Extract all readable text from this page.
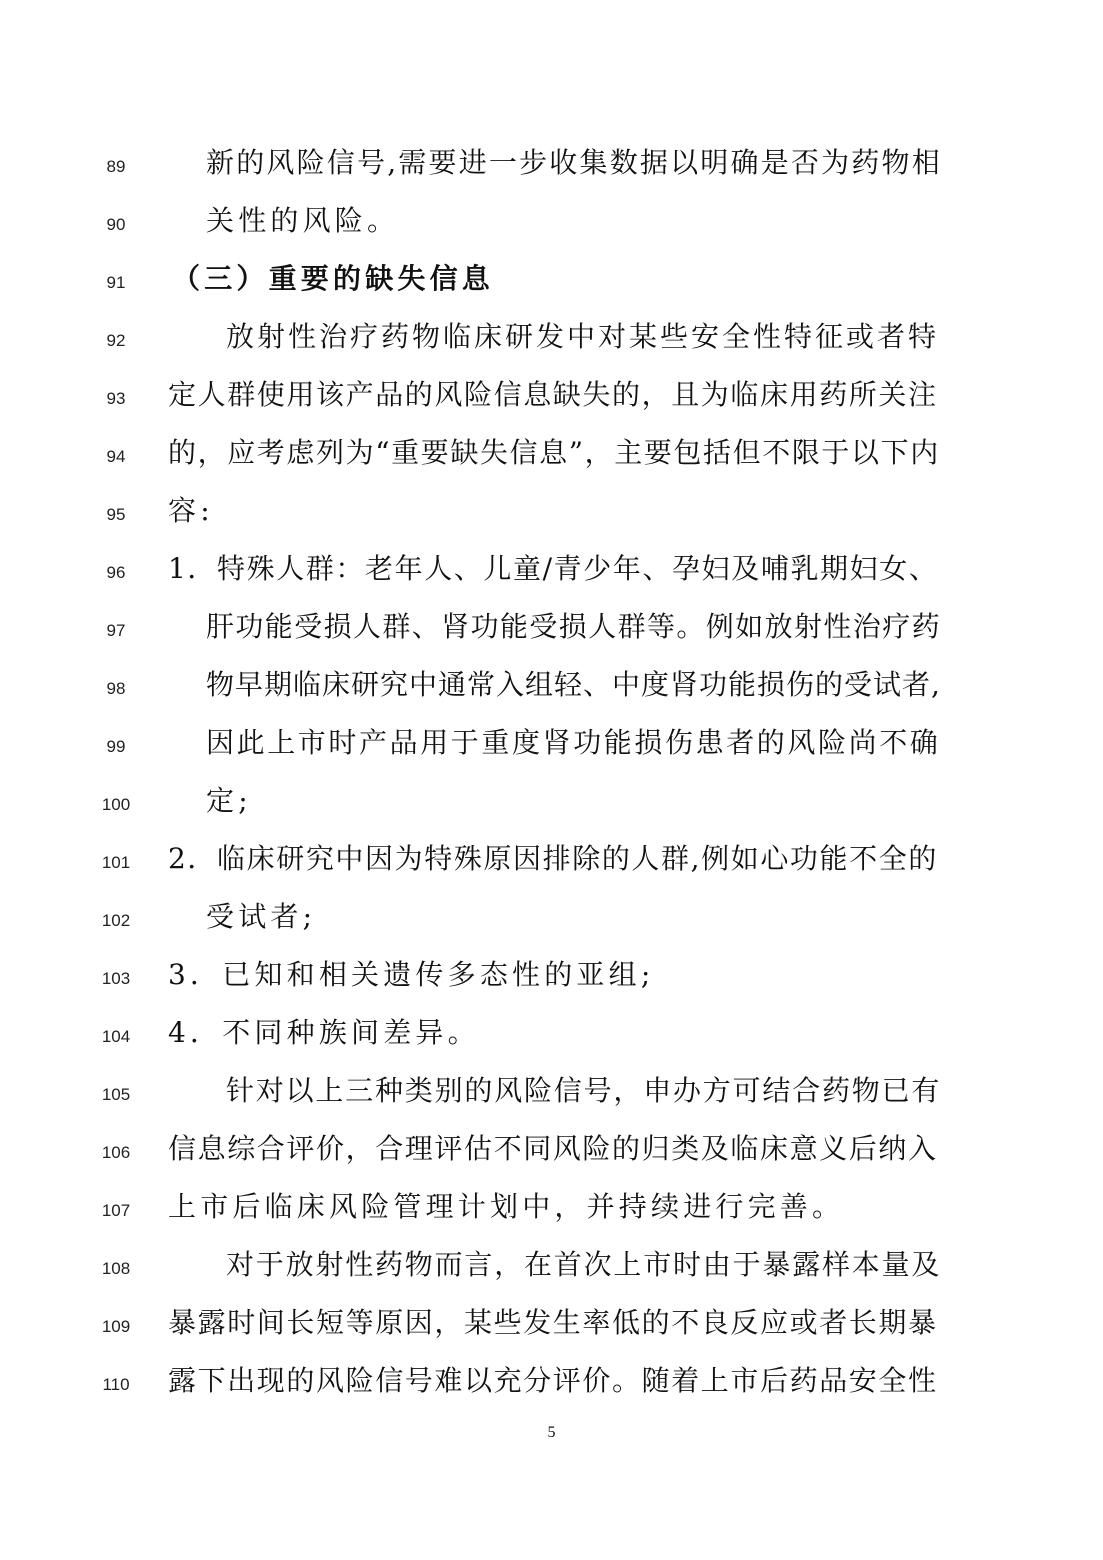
89	新的风险信号,需要进一步收集数据以明确是否为药物相
90	关性的风险。
91	（三）重要的缺失信息
92	放射性治疗药物临床研发中对某些安全性特征或者特
93	定人群使用该产品的风险信息缺失的，且为临床用药所关注
94	的，应考虑列为“重要缺失信息”，主要包括但不限于以下内
95	容:
96	1．特殊人群：老年人、儿童/青少年、孕妇及哺乳期妇女、
97	肝功能受损人群、肾功能受损人群等。例如放射性治疗药
98	物早期临床研究中通常入组轻、中度肾功能损伤的受试者,
99	因此上市时产品用于重度肾功能损伤患者的风险尚不确
100	定;
101	2．临床研究中因为特殊原因排除的人群,例如心功能不全的
102	受试者;
103	3．已知和相关遗传多态性的亚组;
104	4．不同种族间差异。
105	针对以上三种类别的风险信号，申办方可结合药物已有
106	信息综合评价，合理评估不同风险的归类及临床意义后纳入
107	上市后临床风险管理计划中，并持续进行完善。
108	对于放射性药物而言，在首次上市时由于暴露样本量及
109	暴露时间长短等原因，某些发生率低的不良反应或者长期暴
110	露下出现的风险信号难以充分评价。随着上市后药品安全性
5
